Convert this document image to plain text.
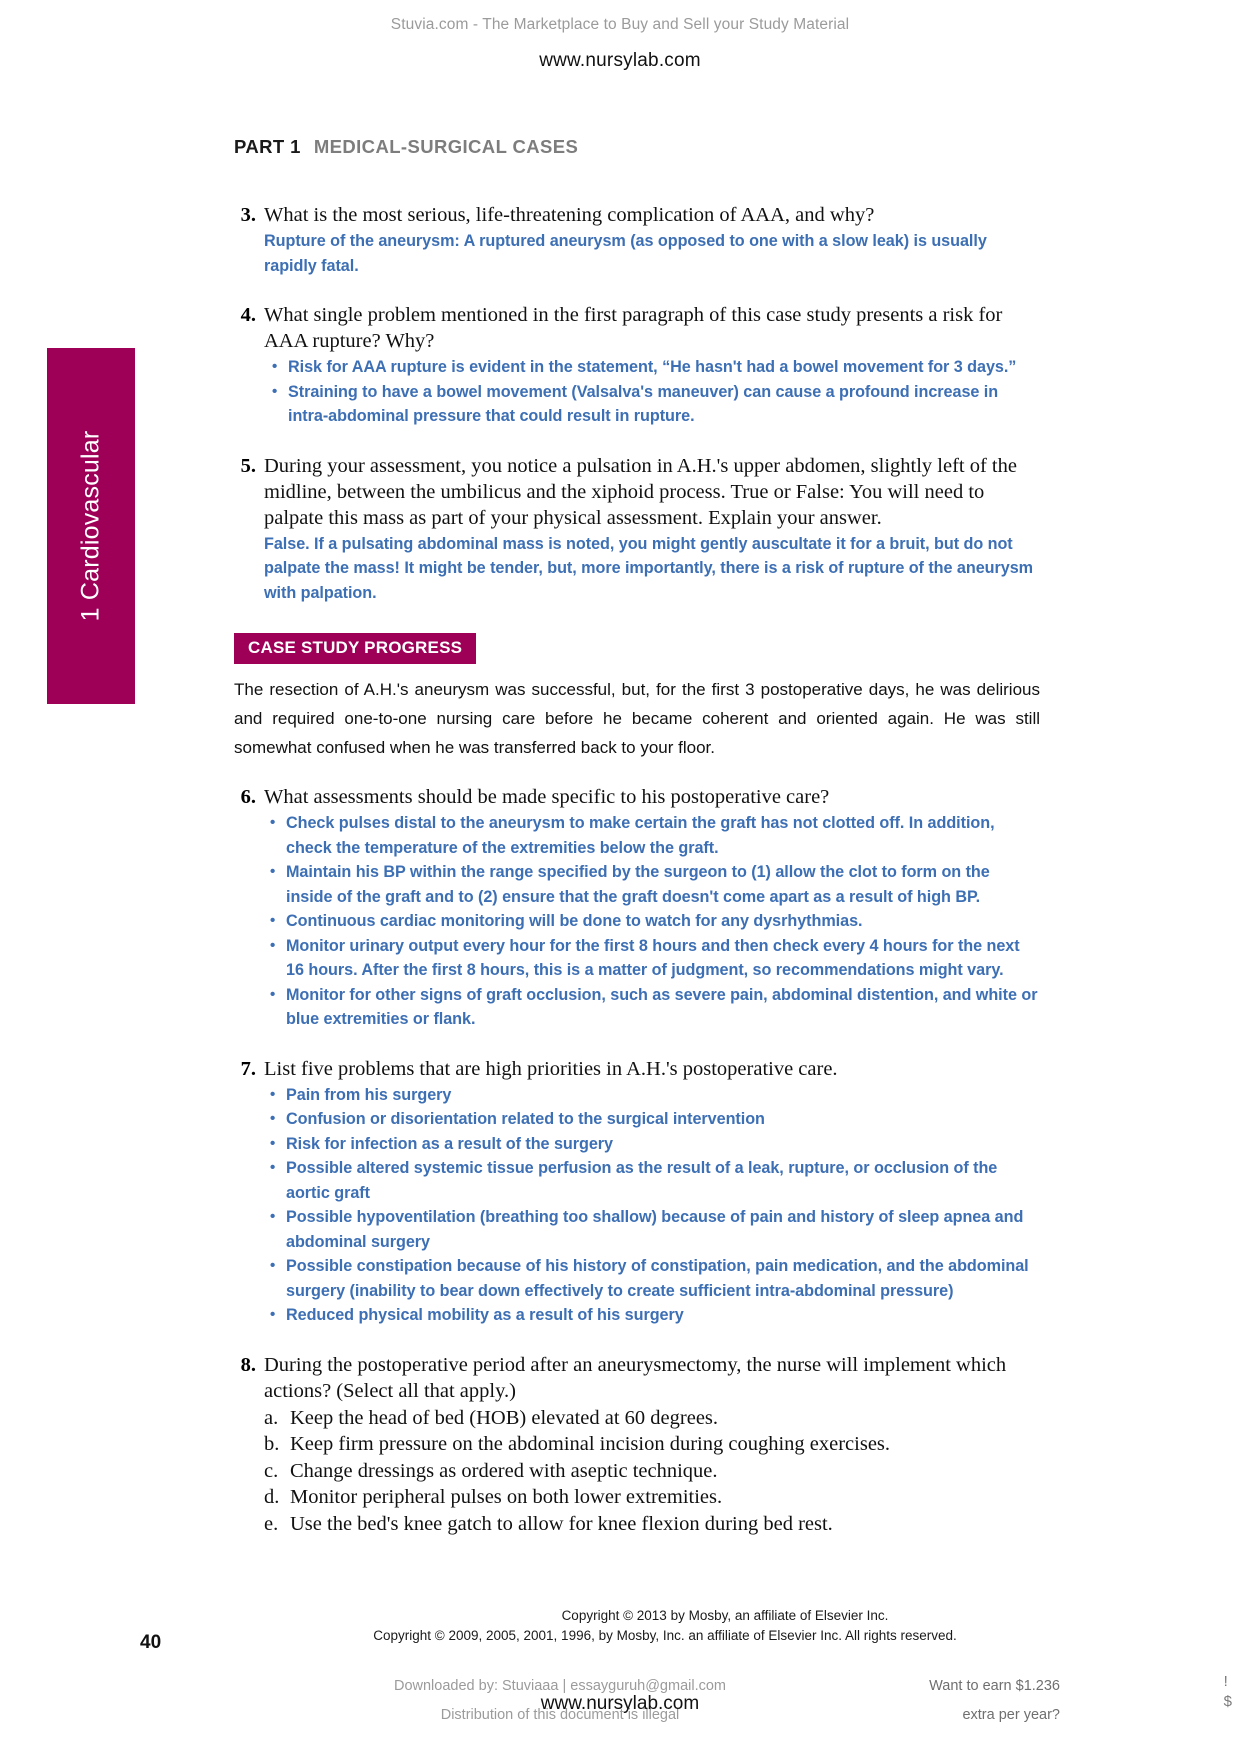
Stuvia.com - The Marketplace to Buy and Sell your Study Material
www.nursylab.com
1 Cardiovascular
PART 1 MEDICAL-SURGICAL CASES
3. What is the most serious, life-threatening complication of AAA, and why?
Rupture of the aneurysm: A ruptured aneurysm (as opposed to one with a slow leak) is usually rapidly fatal.
4. What single problem mentioned in the first paragraph of this case study presents a risk for AAA rupture? Why?
• Risk for AAA rupture is evident in the statement, “He hasn't had a bowel movement for 3 days.”
• Straining to have a bowel movement (Valsalva's maneuver) can cause a profound increase in intra-abdominal pressure that could result in rupture.
5. During your assessment, you notice a pulsation in A.H.'s upper abdomen, slightly left of the midline, between the umbilicus and the xiphoid process. True or False: You will need to palpate this mass as part of your physical assessment. Explain your answer.
False. If a pulsating abdominal mass is noted, you might gently auscultate it for a bruit, but do not palpate the mass! It might be tender, but, more importantly, there is a risk of rupture of the aneurysm with palpation.
CASE STUDY PROGRESS
The resection of A.H.'s aneurysm was successful, but, for the first 3 postoperative days, he was delirious and required one-to-one nursing care before he became coherent and oriented again. He was still somewhat confused when he was transferred back to your floor.
6. What assessments should be made specific to his postoperative care?
• Check pulses distal to the aneurysm to make certain the graft has not clotted off. In addition, check the temperature of the extremities below the graft.
• Maintain his BP within the range specified by the surgeon to (1) allow the clot to form on the inside of the graft and to (2) ensure that the graft doesn't come apart as a result of high BP.
• Continuous cardiac monitoring will be done to watch for any dysrhythmias.
• Monitor urinary output every hour for the first 8 hours and then check every 4 hours for the next 16 hours. After the first 8 hours, this is a matter of judgment, so recommendations might vary.
• Monitor for other signs of graft occlusion, such as severe pain, abdominal distention, and white or blue extremities or flank.
7. List five problems that are high priorities in A.H.'s postoperative care.
• Pain from his surgery
• Confusion or disorientation related to the surgical intervention
• Risk for infection as a result of the surgery
• Possible altered systemic tissue perfusion as the result of a leak, rupture, or occlusion of the aortic graft
• Possible hypoventilation (breathing too shallow) because of pain and history of sleep apnea and abdominal surgery
• Possible constipation because of his history of constipation, pain medication, and the abdominal surgery (inability to bear down effectively to create sufficient intra-abdominal pressure)
• Reduced physical mobility as a result of his surgery
8. During the postoperative period after an aneurysmectomy, the nurse will implement which actions? (Select all that apply.)
a. Keep the head of bed (HOB) elevated at 60 degrees.
b. Keep firm pressure on the abdominal incision during coughing exercises.
c. Change dressings as ordered with aseptic technique.
d. Monitor peripheral pulses on both lower extremities.
e. Use the bed's knee gatch to allow for knee flexion during bed rest.
40
Copyright © 2013 by Mosby, an affiliate of Elsevier Inc.
Copyright © 2009, 2005, 2001, 1996, by Mosby, Inc. an affiliate of Elsevier Inc. All rights reserved.
Downloaded by: Stuviaaa | essayguruh@gmail.com
Distribution of this document is illegal
www.nursylab.com
Want to earn $1.236
extra per year?
!
$
